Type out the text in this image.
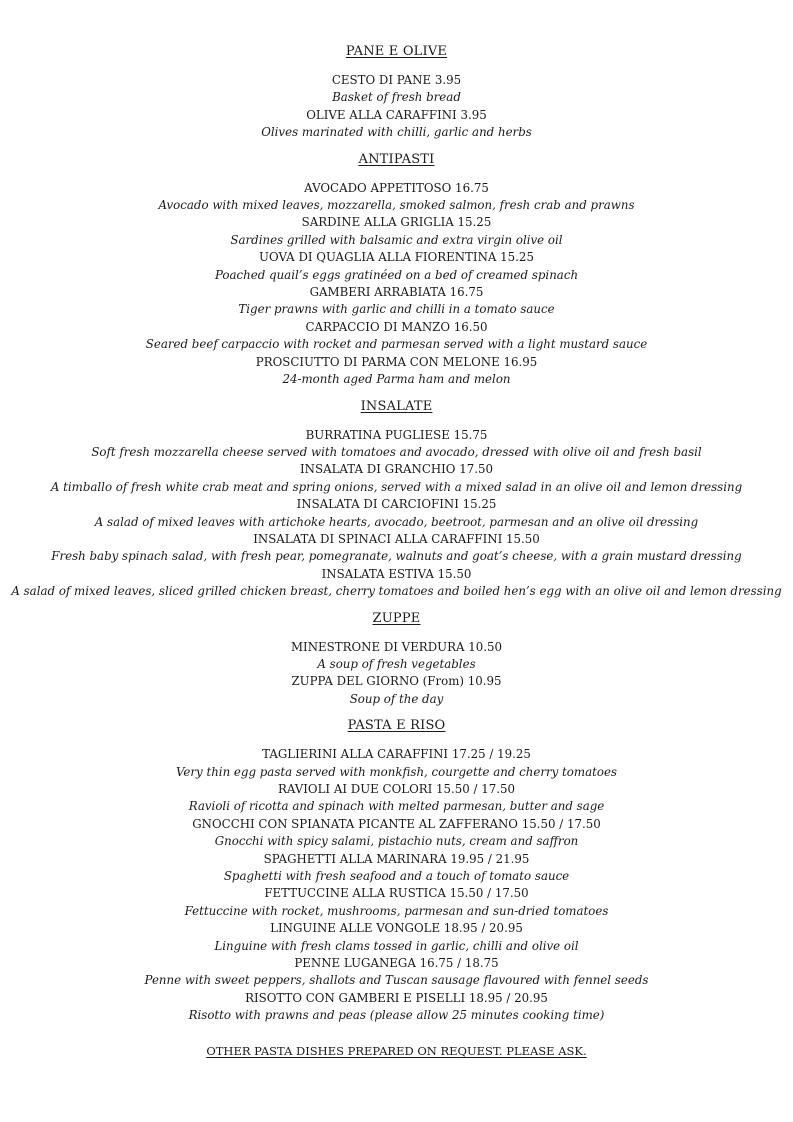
PANE E OLIVE
CESTO DI PANE 3.95
Basket of fresh bread
OLIVE ALLA CARAFFINI 3.95
Olives marinated with chilli, garlic and herbs
ANTIPASTI
AVOCADO APPETITOSO 16.75
Avocado with mixed leaves, mozzarella, smoked salmon, fresh crab and prawns
SARDINE ALLA GRIGLIA 15.25
Sardines grilled with balsamic and extra virgin olive oil
UOVA DI QUAGLIA ALLA FIORENTINA 15.25
Poached quail’s eggs gratinéed on a bed of creamed spinach
GAMBERI ARRABIATA 16.75
Tiger prawns with garlic and chilli in a tomato sauce
CARPACCIO DI MANZO 16.50
Seared beef carpaccio with rocket and parmesan served with a light mustard sauce
PROSCIUTTO DI PARMA CON MELONE 16.95
24-month aged Parma ham and melon
INSALATE
BURRATINA PUGLIESE 15.75
Soft fresh mozzarella cheese served with tomatoes and avocado, dressed with olive oil and fresh basil
INSALATA DI GRANCHIO 17.50
A timballo of fresh white crab meat and spring onions, served with a mixed salad in an olive oil and lemon dressing
INSALATA DI CARCIOFINI 15.25
A salad of mixed leaves with artichoke hearts, avocado, beetroot, parmesan and an olive oil dressing
INSALATA DI SPINACI ALLA CARAFFINI 15.50
Fresh baby spinach salad, with fresh pear, pomegranate, walnuts and goat’s cheese, with a grain mustard dressing
INSALATA ESTIVA 15.50
A salad of mixed leaves, sliced grilled chicken breast, cherry tomatoes and boiled hen’s egg with an olive oil and lemon dressing
ZUPPE
MINESTRONE DI VERDURA 10.50
A soup of fresh vegetables
ZUPPA DEL GIORNO (From) 10.95
Soup of the day
PASTA E RISO
TAGLIERINI ALLA CARAFFINI 17.25 / 19.25
Very thin egg pasta served with monkfish, courgette and cherry tomatoes
RAVIOLI AI DUE COLORI 15.50 / 17.50
Ravioli of ricotta and spinach with melted parmesan, butter and sage
GNOCCHI CON SPIANATA PICANTE AL ZAFFERANO 15.50 / 17.50
Gnocchi with spicy salami, pistachio nuts, cream and saffron
SPAGHETTI ALLA MARINARA 19.95 / 21.95
Spaghetti with fresh seafood and a touch of tomato sauce
FETTUCCINE ALLA RUSTICA 15.50 / 17.50
Fettuccine with rocket, mushrooms, parmesan and sun-dried tomatoes
LINGUINE ALLE VONGOLE 18.95 / 20.95
Linguine with fresh clams tossed in garlic, chilli and olive oil
PENNE LUGANEGA 16.75 / 18.75
Penne with sweet peppers, shallots and Tuscan sausage flavoured with fennel seeds
RISOTTO CON GAMBERI E PISELLI 18.95 / 20.95
Risotto with prawns and peas (please allow 25 minutes cooking time)
OTHER PASTA DISHES PREPARED ON REQUEST. PLEASE ASK.
